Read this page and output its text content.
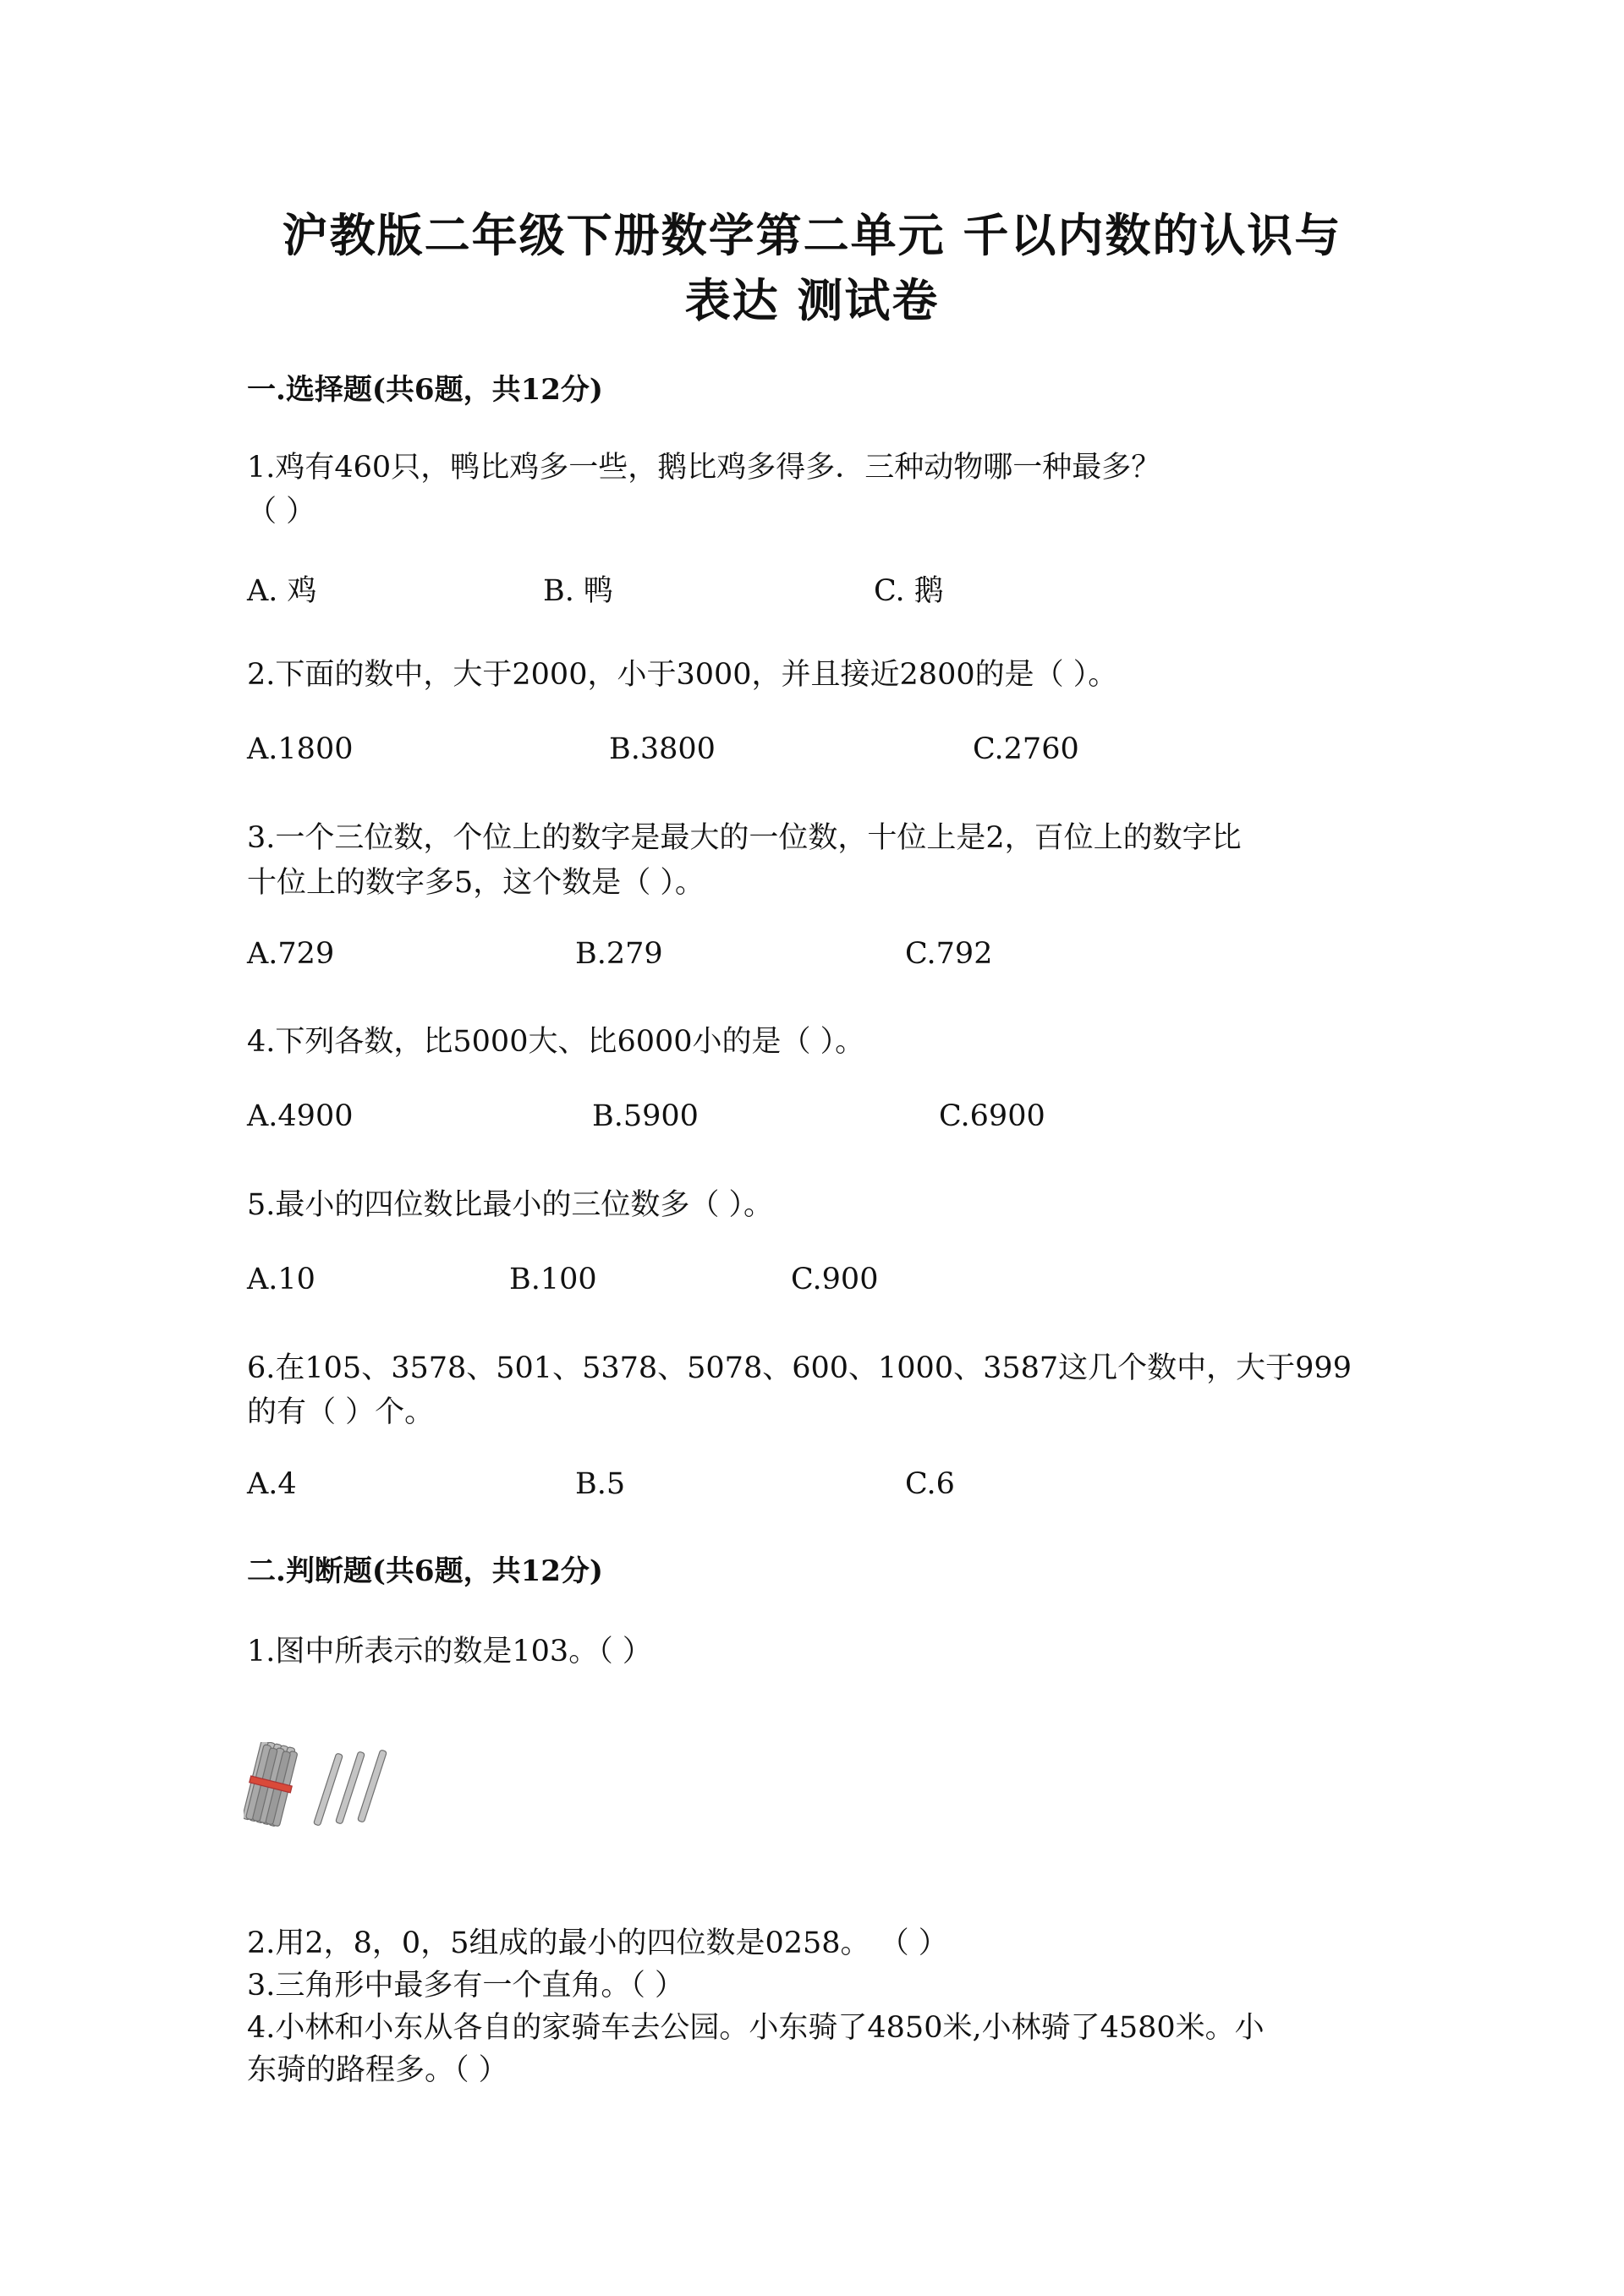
沪教版二年级下册数学第二单元 千以内数的认识与
表达 测试卷
一.选择题(共6题，共12分)
1.鸡有460只，鸭比鸡多一些，鹅比鸡多得多．三种动物哪一种最多？
（ ）
A. 鸡	B. 鸭	C. 鹅
2.下面的数中，大于2000，小于3000，并且接近2800的是（ ）。
A.1800	B.3800	C.2760
3.一个三位数，个位上的数字是最大的一位数，十位上是2，百位上的数字比
十位上的数字多5，这个数是（ ）。
A.729	B.279	C.792
4.下列各数，比5000大、比6000小的是（ ）。
A.4900	B.5900	C.6900
5.最小的四位数比最小的三位数多（ ）。
A.10	B.100	C.900
6.在105、3578、501、5378、5078、600、1000、3587这几个数中，大于999
的有（ ）个。
A.4	B.5	C.6
二.判断题(共6题，共12分)
1.图中所表示的数是103。（ ）
2.用2，8，0，5组成的最小的四位数是0258。 （ ）
3.三角形中最多有一个直角。（ ）
4.小林和小东从各自的家骑车去公园。小东骑了4850米,小林骑了4580米。小
东骑的路程多。（ ）
